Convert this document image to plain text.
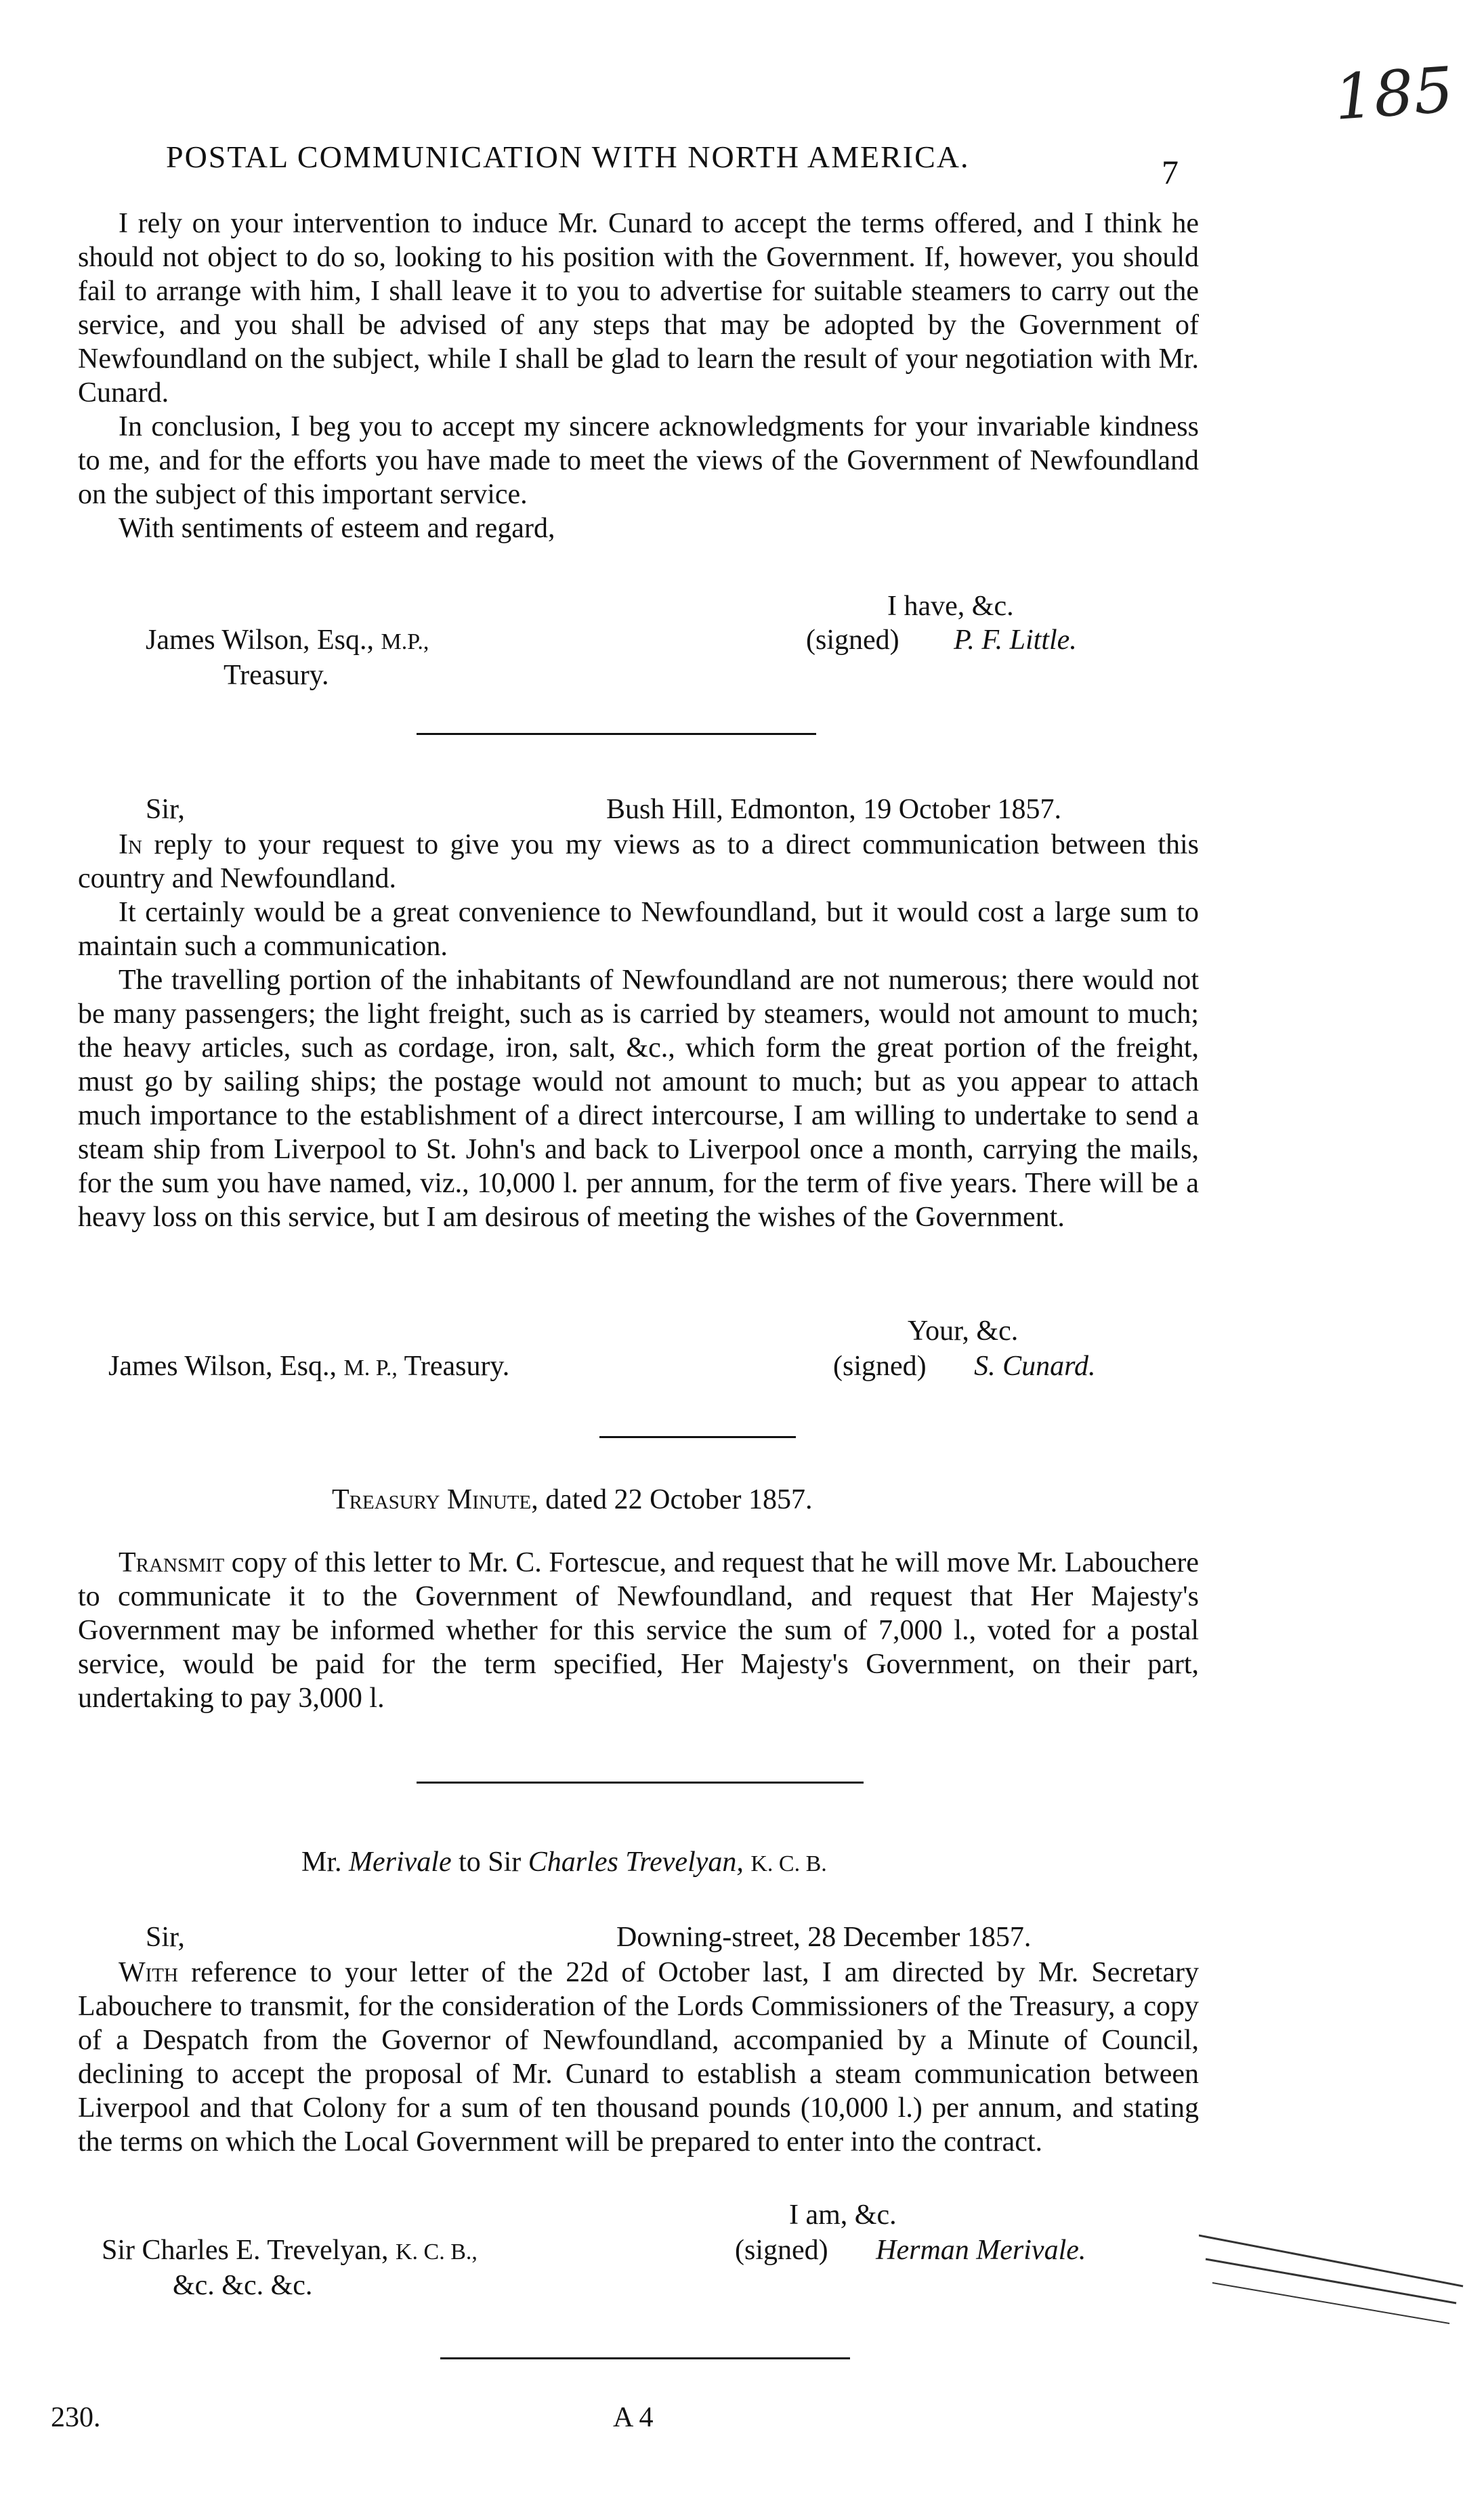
185
POSTAL COMMUNICATION WITH NORTH AMERICA.	7

I rely on your intervention to induce Mr. Cunard to accept the terms offered, and I think he should not object to do so, looking to his position with the Government. If, however, you should fail to arrange with him, I shall leave it to you to advertise for suitable steamers to carry out the service, and you shall be advised of any steps that may be adopted by the Government of Newfoundland on the subject, while I shall be glad to learn the result of your negotiation with Mr. Cunard.

In conclusion, I beg you to accept my sincere acknowledgments for your invariable kindness to me, and for the efforts you have made to meet the views of the Government of Newfoundland on the subject of this important service.

With sentiments of esteem and regard,

I have, &c.
James Wilson, Esq., M.P.,
Treasury.
(signed) P. F. Little.
Sir,	Bush Hill, Edmonton, 19 October 1857.

In reply to your request to give you my views as to a direct communication between this country and Newfoundland.

It certainly would be a great convenience to Newfoundland, but it would cost a large sum to maintain such a communication.

The travelling portion of the inhabitants of Newfoundland are not numerous; there would not be many passengers; the light freight, such as is carried by steamers, would not amount to much; the heavy articles, such as cordage, iron, salt, &c., which form the great portion of the freight, must go by sailing ships; the postage would not amount to much; but as you appear to attach much importance to the establishment of a direct intercourse, I am willing to undertake to send a steam ship from Liverpool to St. John's and back to Liverpool once a month, carrying the mails, for the sum you have named, viz., 10,000 l. per annum, for the term of five years. There will be a heavy loss on this service, but I am desirous of meeting the wishes of the Government.

Your, &c.
James Wilson, Esq., M. P., Treasury.	(signed) S. Cunard.
Treasury Minute, dated 22 October 1857.

Transmit copy of this letter to Mr. C. Fortescue, and request that he will move Mr. Labouchere to communicate it to the Government of Newfoundland, and request that Her Majesty's Government may be informed whether for this service the sum of 7,000 l., voted for a postal service, would be paid for the term specified, Her Majesty's Government, on their part, undertaking to pay 3,000 l.

Mr. Merivale to Sir Charles Trevelyan, K. C. B.
Sir,	Downing-street, 28 December 1857.

With reference to your letter of the 22d of October last, I am directed by Mr. Secretary Labouchere to transmit, for the consideration of the Lords Commissioners of the Treasury, a copy of a Despatch from the Governor of Newfoundland, accompanied by a Minute of Council, declining to accept the proposal of Mr. Cunard to establish a steam communication between Liverpool and that Colony for a sum of ten thousand pounds (10,000 l.) per annum, and stating the terms on which the Local Government will be prepared to enter into the contract.

I am, &c.
Sir Charles E. Trevelyan, K. C. B.,
&c. &c. &c.
(signed) Herman Merivale.
230.	A 4
